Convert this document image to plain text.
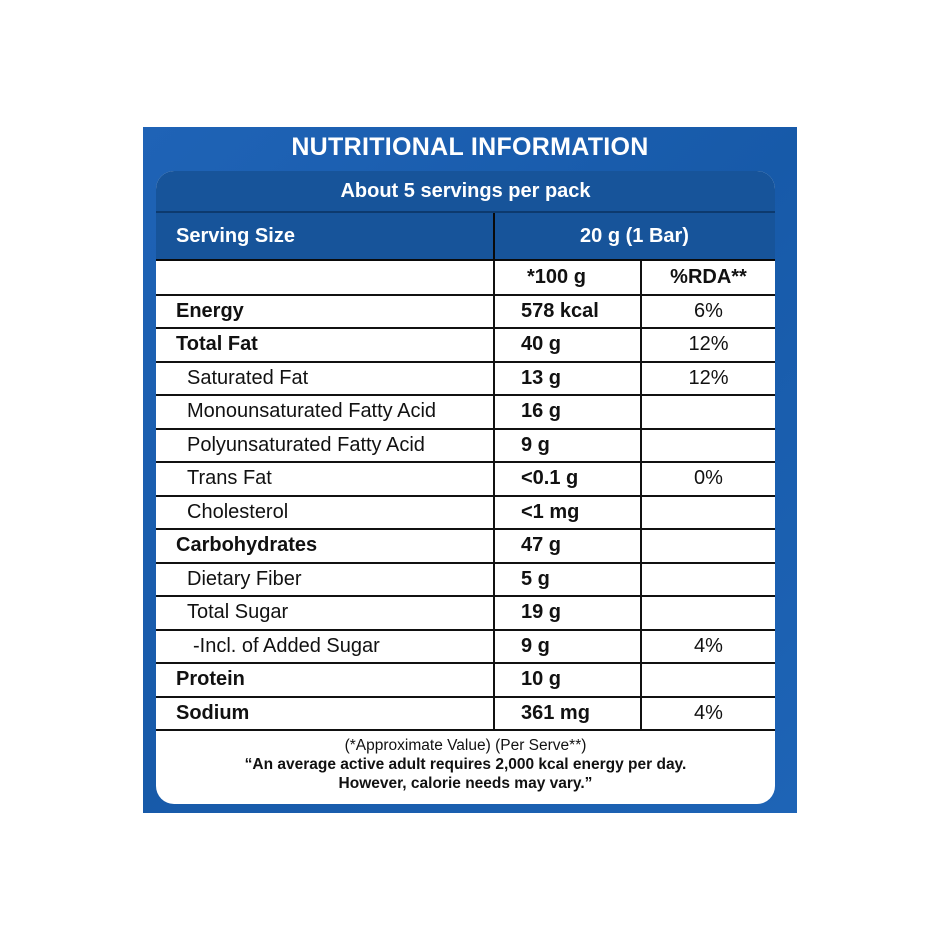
NUTRITIONAL INFORMATION
About 5 servings per pack
Serving Size	20 g (1 Bar)
	*100 g	%RDA**
Energy	578 kcal	6%
Total Fat	40 g	12%
Saturated Fat	13 g	12%
Monounsaturated Fatty Acid	16 g	
Polyunsaturated Fatty Acid	9 g	
Trans Fat	<0.1 g	0%
Cholesterol	<1 mg	
Carbohydrates	47 g	
Dietary Fiber	5 g	
Total Sugar	19 g	
-Incl. of Added Sugar	9 g	4%
Protein	10 g	
Sodium	361 mg	4%
(*Approximate Value) (Per Serve**)
“An average active adult requires 2,000 kcal energy per day.
However, calorie needs may vary.”
